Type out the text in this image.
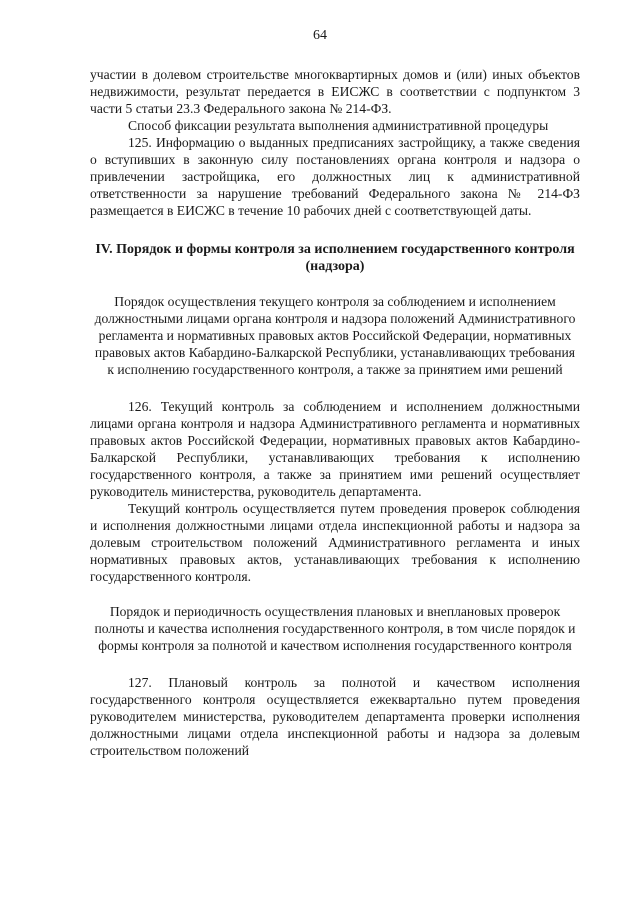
64

участии в долевом строительстве многоквартирных домов и (или) иных объектов недвижимости, результат передается в ЕИСЖС в соответствии с подпунктом 3 части 5 статьи 23.3 Федерального закона № 214-ФЗ.

Способ фиксации результата выполнения административной процедуры

125. Информацию о выданных предписаниях застройщику, а также сведения о вступивших в законную силу постановлениях органа контроля и надзора о привлечении застройщика, его должностных лиц к административной ответственности за нарушение требований Федерального закона № 214-ФЗ размещается в ЕИСЖС в течение 10 рабочих дней с соответствующей даты.

IV. Порядок и формы контроля за исполнением государственного контроля (надзора)
Порядок осуществления текущего контроля за соблюдением и исполнением должностными лицами органа контроля и надзора положений Административного регламента и нормативных правовых актов Российской Федерации, нормативных правовых актов Кабардино-Балкарской Республики, устанавливающих требования к исполнению государственного контроля, а также за принятием ими решений

126. Текущий контроль за соблюдением и исполнением должностными лицами органа контроля и надзора Административного регламента и нормативных правовых актов Российской Федерации, нормативных правовых актов Кабардино-Балкарской Республики, устанавливающих требования к исполнению государственного контроля, а также за принятием ими решений осуществляет руководитель министерства, руководитель департамента.

Текущий контроль осуществляется путем проведения проверок соблюдения и исполнения должностными лицами отдела инспекционной работы и надзора за долевым строительством положений Административного регламента и иных нормативных правовых актов, устанавливающих требования к исполнению государственного контроля.

Порядок и периодичность осуществления плановых и внеплановых проверок полноты и качества исполнения государственного контроля, в том числе порядок и формы контроля за полнотой и качеством исполнения государственного контроля

127. Плановый контроль за полнотой и качеством исполнения государственного контроля осуществляется ежеквартально путем проведения руководителем министерства, руководителем департамента проверки исполнения должностными лицами отдела инспекционной работы и надзора за долевым строительством положений
